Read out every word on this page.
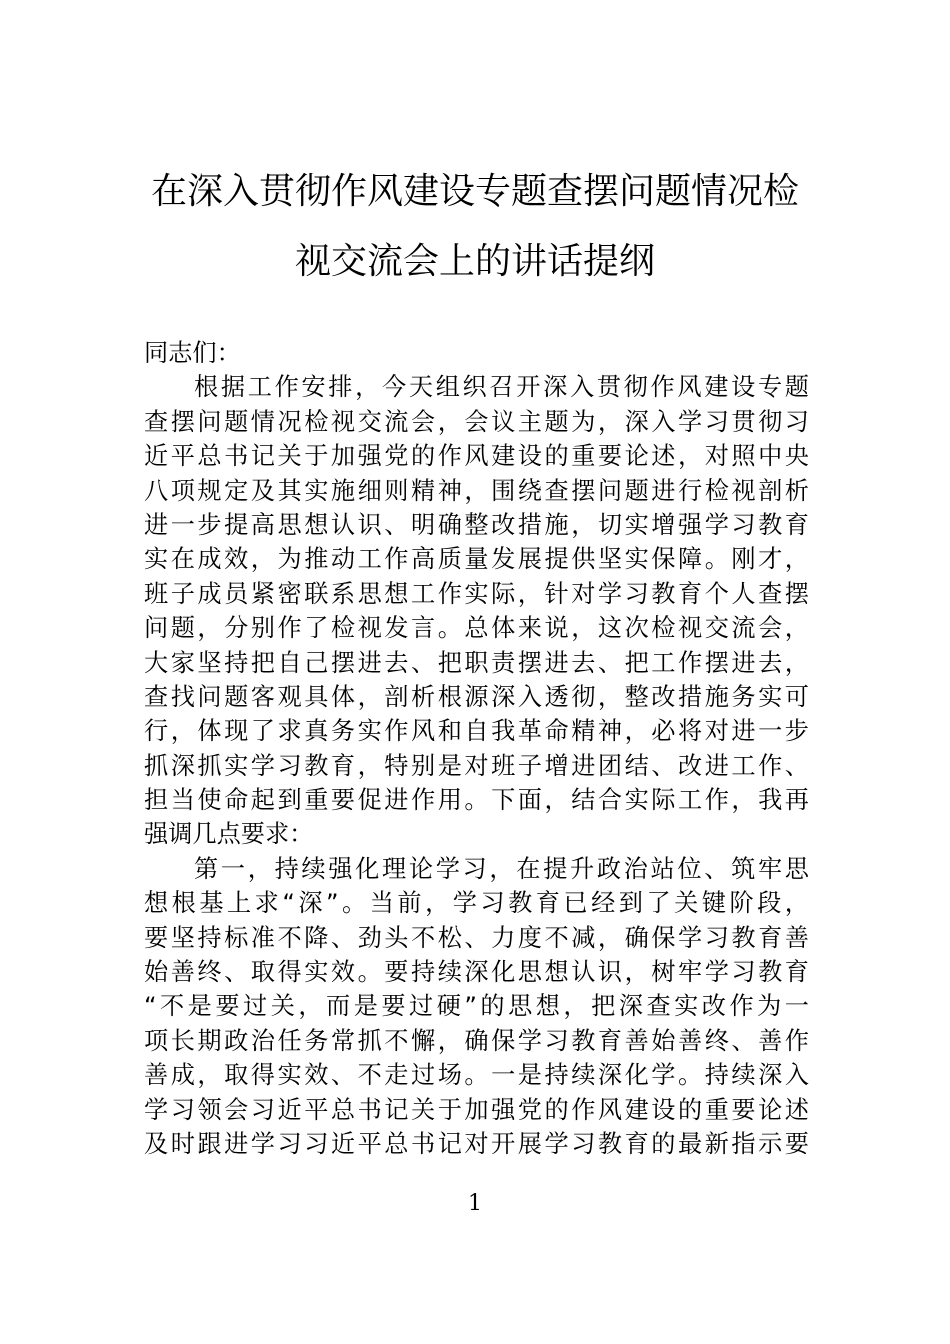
在深入贯彻作风建设专题查摆问题情况检
视交流会上的讲话提纲
同志们：
根据工作安排，今天组织召开深入贯彻作风建设专题
查摆问题情况检视交流会，会议主题为，深入学习贯彻习
近平总书记关于加强党的作风建设的重要论述，对照中央
八项规定及其实施细则精神，围绕查摆问题进行检视剖析
进一步提高思想认识、明确整改措施，切实增强学习教育
实在成效，为推动工作高质量发展提供坚实保障。刚才，
班子成员紧密联系思想工作实际，针对学习教育个人查摆
问题，分别作了检视发言。总体来说，这次检视交流会，
大家坚持把自己摆进去、把职责摆进去、把工作摆进去，
查找问题客观具体，剖析根源深入透彻，整改措施务实可
行，体现了求真务实作风和自我革命精神，必将对进一步
抓深抓实学习教育，特别是对班子增进团结、改进工作、
担当使命起到重要促进作用。下面，结合实际工作，我再
强调几点要求：
第一，持续强化理论学习，在提升政治站位、筑牢思
想根基上求“深”。当前，学习教育已经到了关键阶段，
要坚持标准不降、劲头不松、力度不减，确保学习教育善
始善终、取得实效。要持续深化思想认识，树牢学习教育
“不是要过关，而是要过硬”的思想，把深查实改作为一
项长期政治任务常抓不懈，确保学习教育善始善终、善作
善成，取得实效、不走过场。一是持续深化学。持续深入
学习领会习近平总书记关于加强党的作风建设的重要论述
及时跟进学习习近平总书记对开展学习教育的最新指示要
1
